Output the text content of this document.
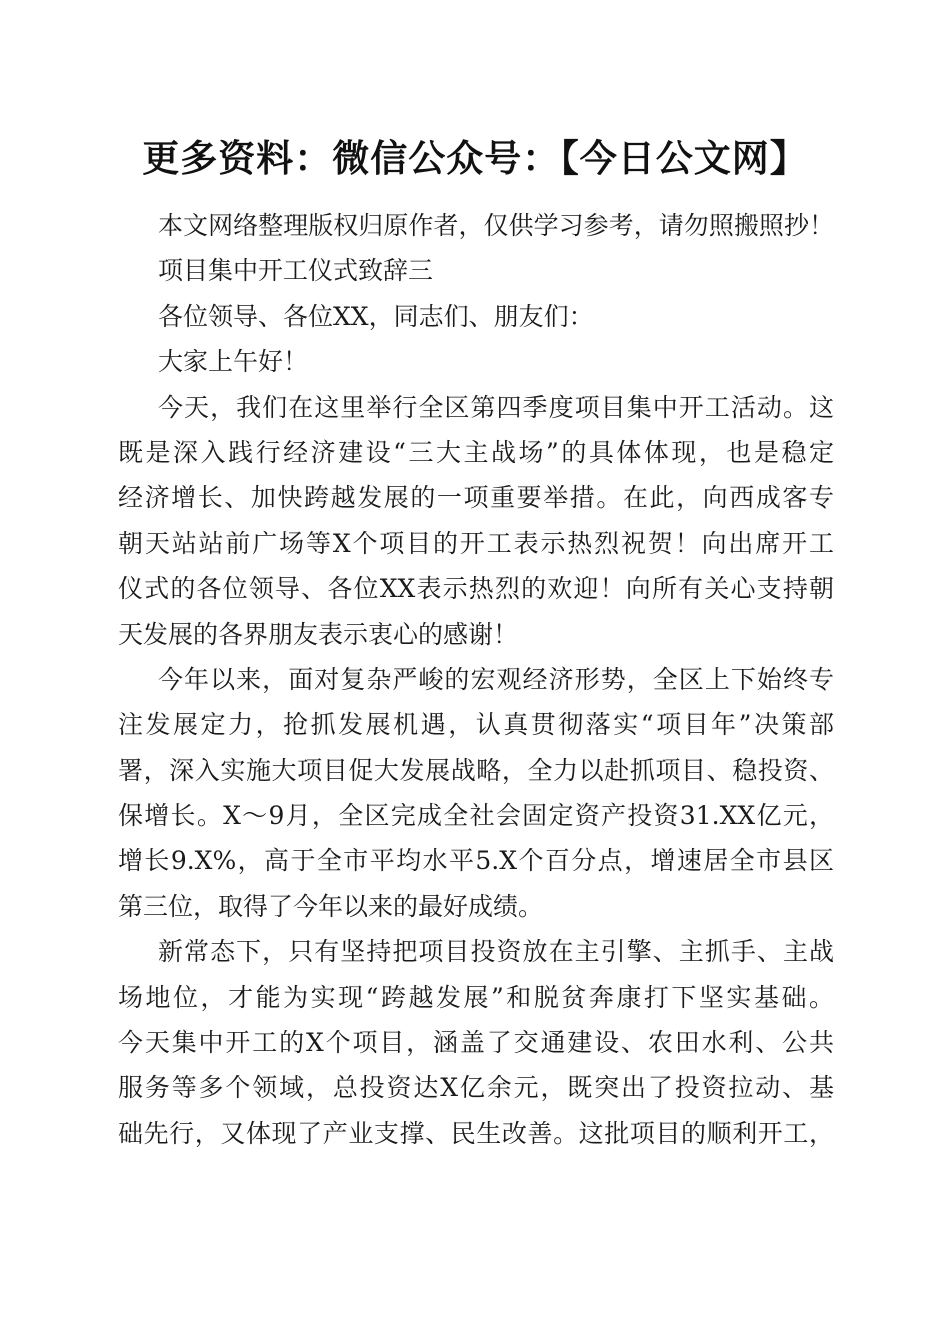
更多资料：微信公众号：【今日公文网】
本文网络整理版权归原作者，仅供学习参考，请勿照搬照抄！
项目集中开工仪式致辞三
各位领导、各位XX，同志们、朋友们：
大家上午好！
今天，我们在这里举行全区第四季度项目集中开工活动。这
既是深入践行经济建设“三大主战场”的具体体现，也是稳定
经济增长、加快跨越发展的一项重要举措。在此，向西成客专
朝天站站前广场等X个项目的开工表示热烈祝贺！向出席开工
仪式的各位领导、各位XX表示热烈的欢迎！向所有关心支持朝
天发展的各界朋友表示衷心的感谢！
今年以来，面对复杂严峻的宏观经济形势，全区上下始终专
注发展定力，抢抓发展机遇，认真贯彻落实“项目年”决策部
署，深入实施大项目促大发展战略，全力以赴抓项目、稳投资、
保增长。X～9月，全区完成全社会固定资产投资31.XX亿元，
增长9.X%，高于全市平均水平5.X个百分点，增速居全市县区
第三位，取得了今年以来的最好成绩。
新常态下，只有坚持把项目投资放在主引擎、主抓手、主战
场地位，才能为实现“跨越发展”和脱贫奔康打下坚实基础。
今天集中开工的X个项目，涵盖了交通建设、农田水利、公共
服务等多个领域，总投资达X亿余元，既突出了投资拉动、基
础先行，又体现了产业支撑、民生改善。这批项目的顺利开工，
